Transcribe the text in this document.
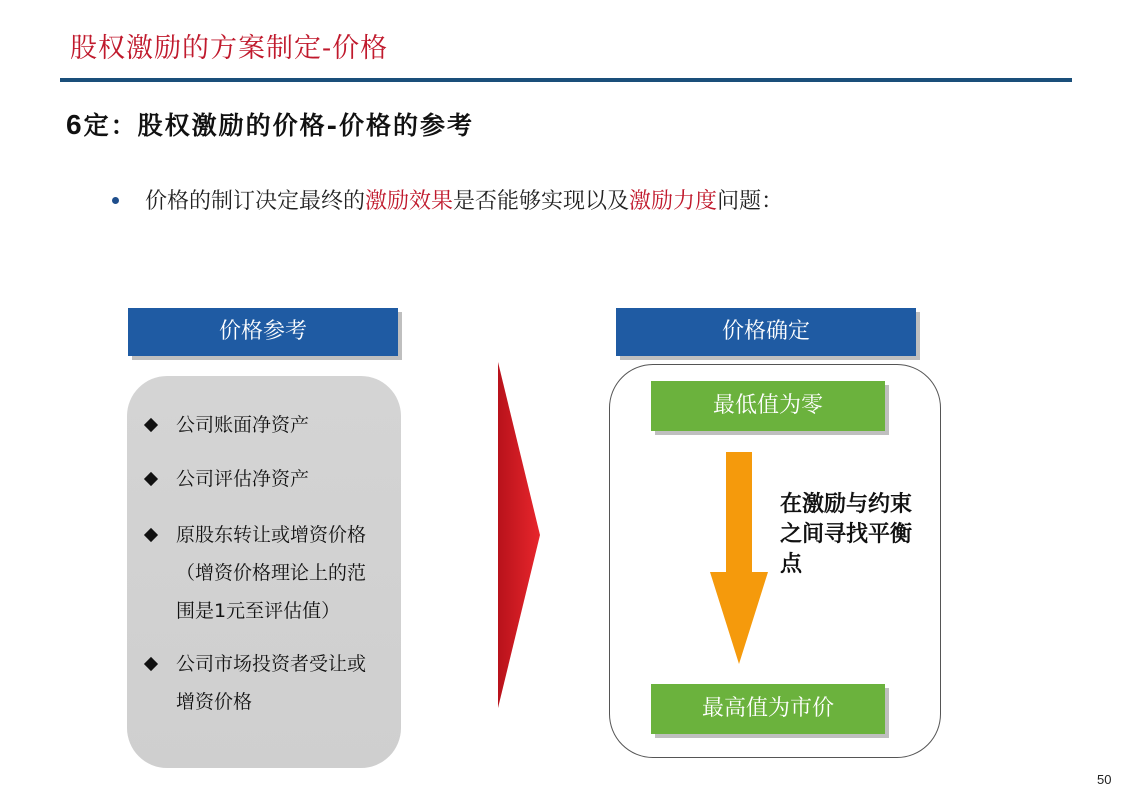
股权激励的方案制定-价格
6定：股权激励的价格-价格的参考
价格的制订决定最终的激励效果是否能够实现以及激励力度问题：
价格参考
公司账面净资产
公司评估净资产
原股东转让或增资价格（增资价格理论上的范围是1元至评估值）
公司市场投资者受让或增资价格
价格确定
最低值为零
在激励与约束之间寻找平衡点
最高值为市价
50
